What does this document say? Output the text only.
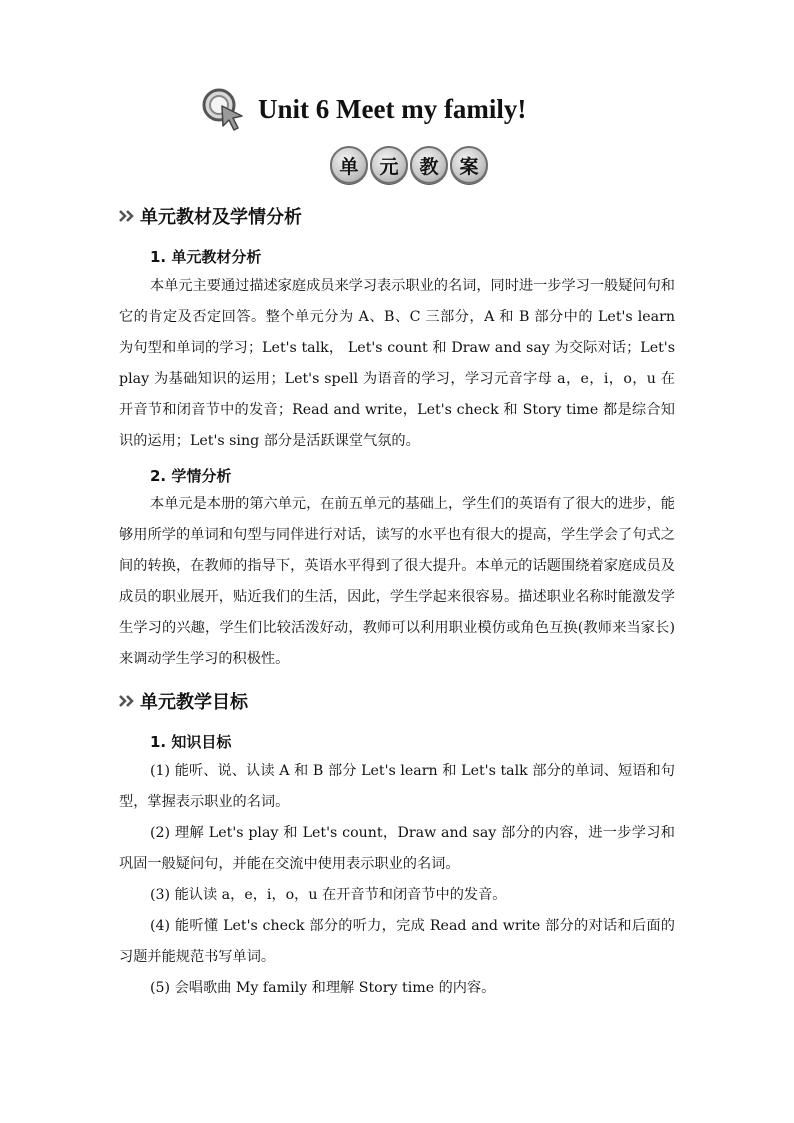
Unit 6 Meet my family!
单	元	教	案
单元教材及学情分析
1. 单元教材分析
本单元主要通过描述家庭成员来学习表示职业的名词，同时进一步学习一般疑问句和它的肯定及否定回答。整个单元分为 A、B、C 三部分，A 和 B 部分中的 Let's learn 为句型和单词的学习；Let's talk， Let's count 和 Draw and say 为交际对话；Let's play 为基础知识的运用；Let's spell 为语音的学习，学习元音字母 a，e，i，o，u 在开音节和闭音节中的发音；Read and write，Let's check 和 Story time 都是综合知识的运用；Let's sing 部分是活跃课堂气氛的。
2. 学情分析
本单元是本册的第六单元，在前五单元的基础上，学生们的英语有了很大的进步，能够用所学的单词和句型与同伴进行对话，读写的水平也有很大的提高，学生学会了句式之间的转换，在教师的指导下，英语水平得到了很大提升。本单元的话题围绕着家庭成员及成员的职业展开，贴近我们的生活，因此，学生学起来很容易。描述职业名称时能激发学生学习的兴趣，学生们比较活泼好动，教师可以利用职业模仿或角色互换(教师来当家长)来调动学生学习的积极性。
单元教学目标
1. 知识目标
(1) 能听、说、认读 A 和 B 部分 Let's learn 和 Let's talk 部分的单词、短语和句型，掌握表示职业的名词。
(2) 理解 Let's play 和 Let's count，Draw and say 部分的内容，进一步学习和巩固一般疑问句，并能在交流中使用表示职业的名词。
(3) 能认读 a，e，i，o，u 在开音节和闭音节中的发音。
(4) 能听懂 Let's check 部分的听力，完成 Read and write 部分的对话和后面的习题并能规范书写单词。
(5) 会唱歌曲 My family 和理解 Story time 的内容。
